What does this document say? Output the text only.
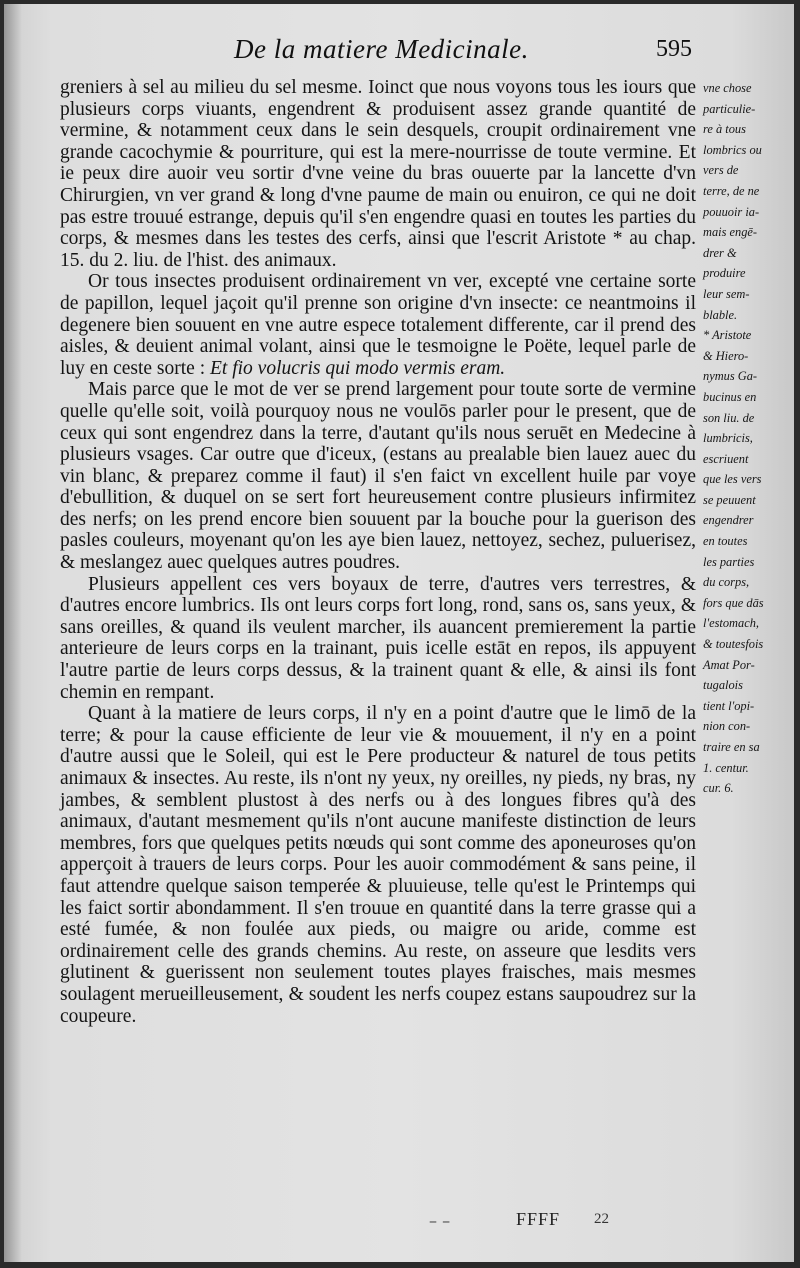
De la matiere Medicinale.	595

greniers à sel au milieu du sel mesme. Ioinct que nous voyons tous les iours que plusieurs corps viuants, engendrent & produisent assez grande quantité de vermine, & notamment ceux dans le sein desquels, croupit ordinairement vne grande cacochymie & pourriture, qui est la mere-nourrisse de toute vermine. Et ie peux dire auoir veu sortir d'vne veine du bras ouuerte par la lancette d'vn Chirurgien, vn ver grand & long d'vne paume de main ou enuiron, ce qui ne doit pas estre trouué estrange, depuis qu'il s'en engendre quasi en toutes les parties du corps, & mesmes dans les testes des cerfs, ainsi que l'escrit Aristote * au chap. 15. du 2. liu. de l'hist. des animaux.

Or tous insectes produisent ordinairement vn ver, excepté vne certaine sorte de papillon, lequel jaçoit qu'il prenne son origine d'vn insecte: ce neantmoins il degenere bien souuent en vne autre espece totalement differente, car il prend des aisles, & deuient animal volant, ainsi que le tesmoigne le Poëte, lequel parle de luy en ceste sorte : Et fio volucris qui modo vermis eram.

Mais parce que le mot de ver se prend largement pour toute sorte de vermine quelle qu'elle soit, voilà pourquoy nous ne voulōs parler pour le present, que de ceux qui sont engendrez dans la terre, d'autant qu'ils nous seruēt en Medecine à plusieurs vsages. Car outre que d'iceux, (estans au prealable bien lauez auec du vin blanc, & preparez comme il faut) il s'en faict vn excellent huile par voye d'ebullition, & duquel on se sert fort heureusement contre plusieurs infirmitez des nerfs; on les prend encore bien souuent par la bouche pour la guerison des pasles couleurs, moyenant qu'on les aye bien lauez, nettoyez, sechez, puluerisez, & meslangez auec quelques autres poudres.

Plusieurs appellent ces vers boyaux de terre, d'autres vers terrestres, & d'autres encore lumbrics. Ils ont leurs corps fort long, rond, sans os, sans yeux, & sans oreilles, & quand ils veulent marcher, ils auancent premierement la partie anterieure de leurs corps en la trainant, puis icelle estāt en repos, ils appuyent l'autre partie de leurs corps dessus, & la trainent quant & elle, & ainsi ils font chemin en rempant.

Quant à la matiere de leurs corps, il n'y en a point d'autre que le limō de la terre; & pour la cause efficiente de leur vie & mouuement, il n'y en a point d'autre aussi que le Soleil, qui est le Pere producteur & naturel de tous petits animaux & insectes. Au reste, ils n'ont ny yeux, ny oreilles, ny pieds, ny bras, ny jambes, & semblent plustost à des nerfs ou à des longues fibres qu'à des animaux, d'autant mesmement qu'ils n'ont aucune manifeste distinction de leurs membres, fors que quelques petits nœuds qui sont comme des aponeuroses qu'on apperçoit à trauers de leurs corps. Pour les auoir commodément & sans peine, il faut attendre quelque saison temperée & pluuieuse, telle qu'est le Printemps qui les faict sortir abondamment. Il s'en trouue en quantité dans la terre grasse qui a esté fumée, & non foulée aux pieds, ou maigre ou aride, comme est ordinairement celle des grands chemins. Au reste, on asseure que lesdits vers glutinent & guerissent non seulement toutes playes fraisches, mais mesmes soulagent merueilleusement, & soudent les nerfs coupez estans saupoudrez sur la coupeure.

vne chose
particulie-
re à tous
lombrics ou
vers de
terre, de ne
pouuoir ia-
mais engē-
drer &
produire
leur sem-
blable.
* Aristote
& Hiero-
nymus Ga-
bucinus en
son liu. de
lumbricis,
escriuent
que les vers
se peuuent
engendrer
en toutes
les parties
du corps,
fors que dās
l'estomach,
& toutesfois
Amat Por-
tugalois
tient l'opi-
nion con-
traire en sa
1. centur.
cur. 6.
– –	FFFF 22
